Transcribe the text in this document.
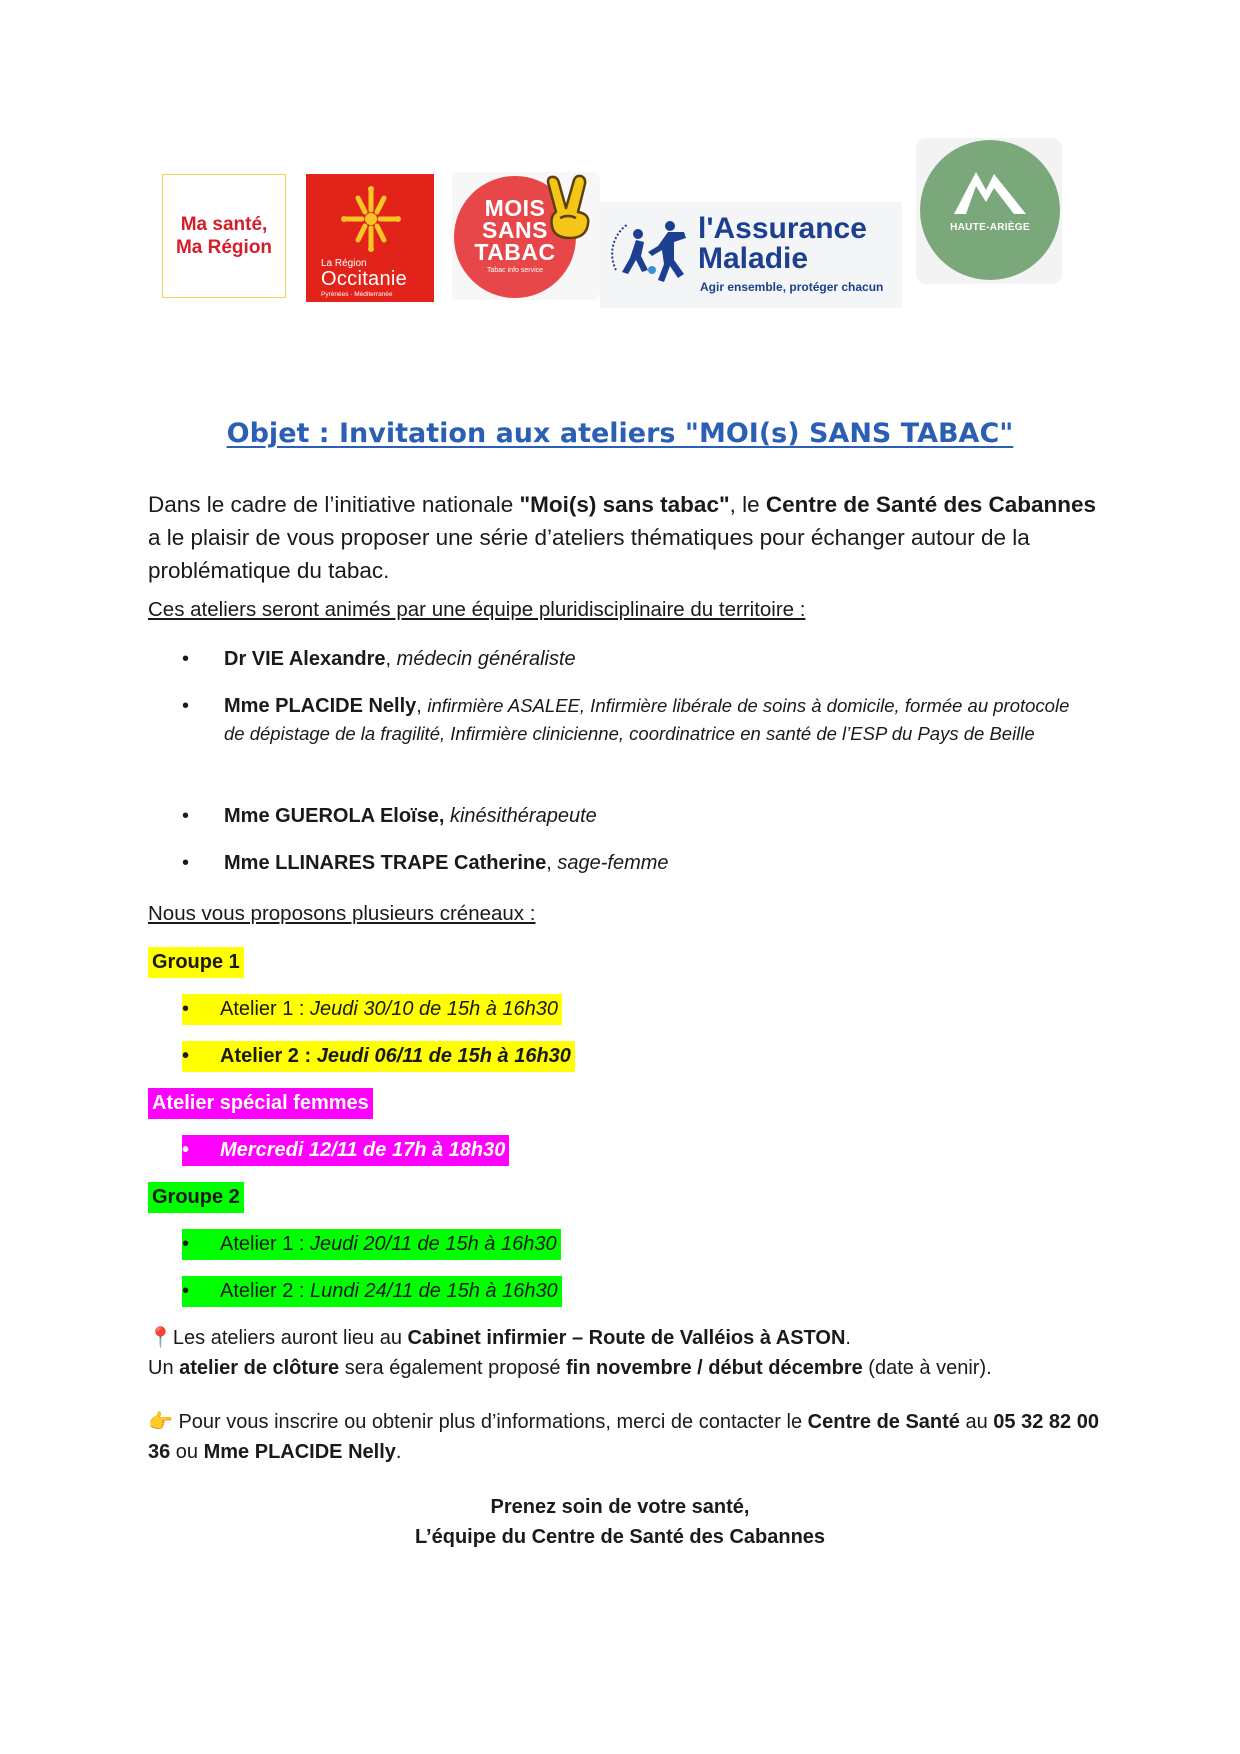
Ma santé,
Ma Région
La Région
Occitanie
Pyrénées · Méditerranée
MOIS
SANS
TABAC
Tabac info service
l'Assurance
Maladie
Agir ensemble, protéger chacun
HAUTE-ARIÈGE
Objet : Invitation aux ateliers "MOI(s) SANS TABAC"
Dans le cadre de l’initiative nationale "Moi(s) sans tabac", le Centre de Santé des Cabannes a le plaisir de vous proposer une série d’ateliers thématiques pour échanger autour de la problématique du tabac.
Ces ateliers seront animés par une équipe pluridisciplinaire du territoire :
• Dr VIE Alexandre, médecin généraliste
• Mme PLACIDE Nelly, infirmière ASALEE, Infirmière libérale de soins à domicile, formée au protocole de dépistage de la fragilité, Infirmière clinicienne, coordinatrice en santé de l’ESP du Pays de Beille
• Mme GUEROLA Eloïse, kinésithérapeute
• Mme LLINARES TRAPE Catherine, sage-femme
Nous vous proposons plusieurs créneaux :
Groupe 1
• Atelier 1 : Jeudi 30/10 de 15h à 16h30
• Atelier 2 : Jeudi 06/11 de 15h à 16h30
Atelier spécial femmes
• Mercredi 12/11 de 17h à 18h30
Groupe 2
• Atelier 1 : Jeudi 20/11 de 15h à 16h30
• Atelier 2 : Lundi 24/11 de 15h à 16h30
📍Les ateliers auront lieu au Cabinet infirmier – Route de Valléios à ASTON.
Un atelier de clôture sera également proposé fin novembre / début décembre (date à venir).
👉 Pour vous inscrire ou obtenir plus d’informations, merci de contacter le Centre de Santé au 05 32 82 00 36 ou Mme PLACIDE Nelly.
Prenez soin de votre santé,
L’équipe du Centre de Santé des Cabannes
